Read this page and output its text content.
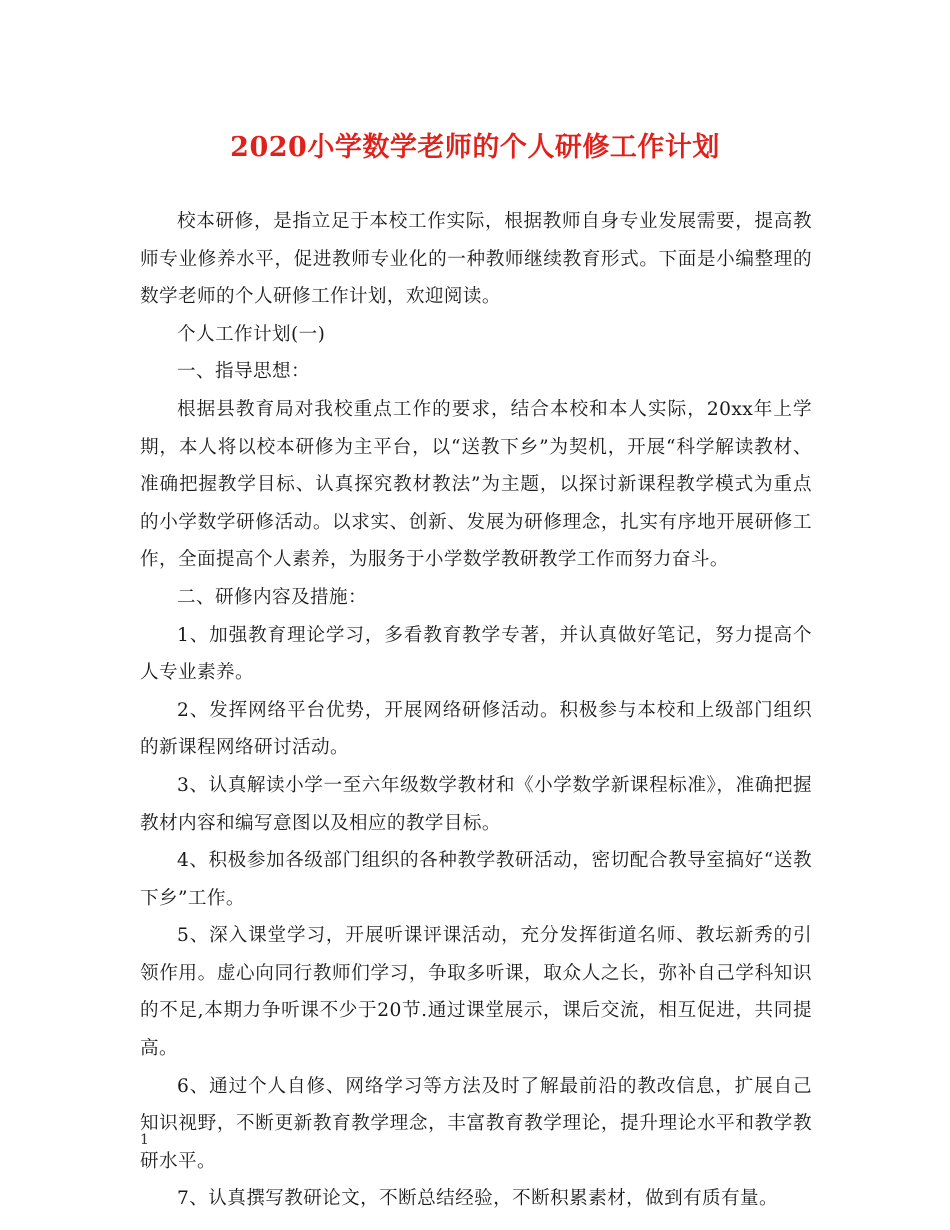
2020小学数学老师的个人研修工作计划

校本研修，是指立足于本校工作实际，根据教师自身专业发展需要，提高教师专业修养水平，促进教师专业化的一种教师继续教育形式。下面是小编整理的数学老师的个人研修工作计划，欢迎阅读。

个人工作计划(一)

一、指导思想：

根据县教育局对我校重点工作的要求，结合本校和本人实际，20xx年上学期，本人将以校本研修为主平台，以“送教下乡”为契机，开展“科学解读教材、准确把握教学目标、认真探究教材教法”为主题，以探讨新课程教学模式为重点的小学数学研修活动。以求实、创新、发展为研修理念，扎实有序地开展研修工作，全面提高个人素养，为服务于小学数学教研教学工作而努力奋斗。

二、研修内容及措施：

1、加强教育理论学习，多看教育教学专著，并认真做好笔记，努力提高个人专业素养。

2、发挥网络平台优势，开展网络研修活动。积极参与本校和上级部门组织的新课程网络研讨活动。

3、认真解读小学一至六年级数学教材和《小学数学新课程标准》，准确把握教材内容和编写意图以及相应的教学目标。

4、积极参加各级部门组织的各种教学教研活动，密切配合教导室搞好“送教下乡”工作。

5、深入课堂学习，开展听课评课活动，充分发挥街道名师、教坛新秀的引领作用。虚心向同行教师们学习，争取多听课，取众人之长，弥补自己学科知识的不足,本期力争听课不少于20节.通过课堂展示，课后交流，相互促进，共同提高。

6、通过个人自修、网络学习等方法及时了解最前沿的教改信息，扩展自己知识视野，不断更新教育教学理念，丰富教育教学理论，提升理论水平和教学教研水平。

7、认真撰写教研论文，不断总结经验，不断积累素材，做到有质有量。

1
